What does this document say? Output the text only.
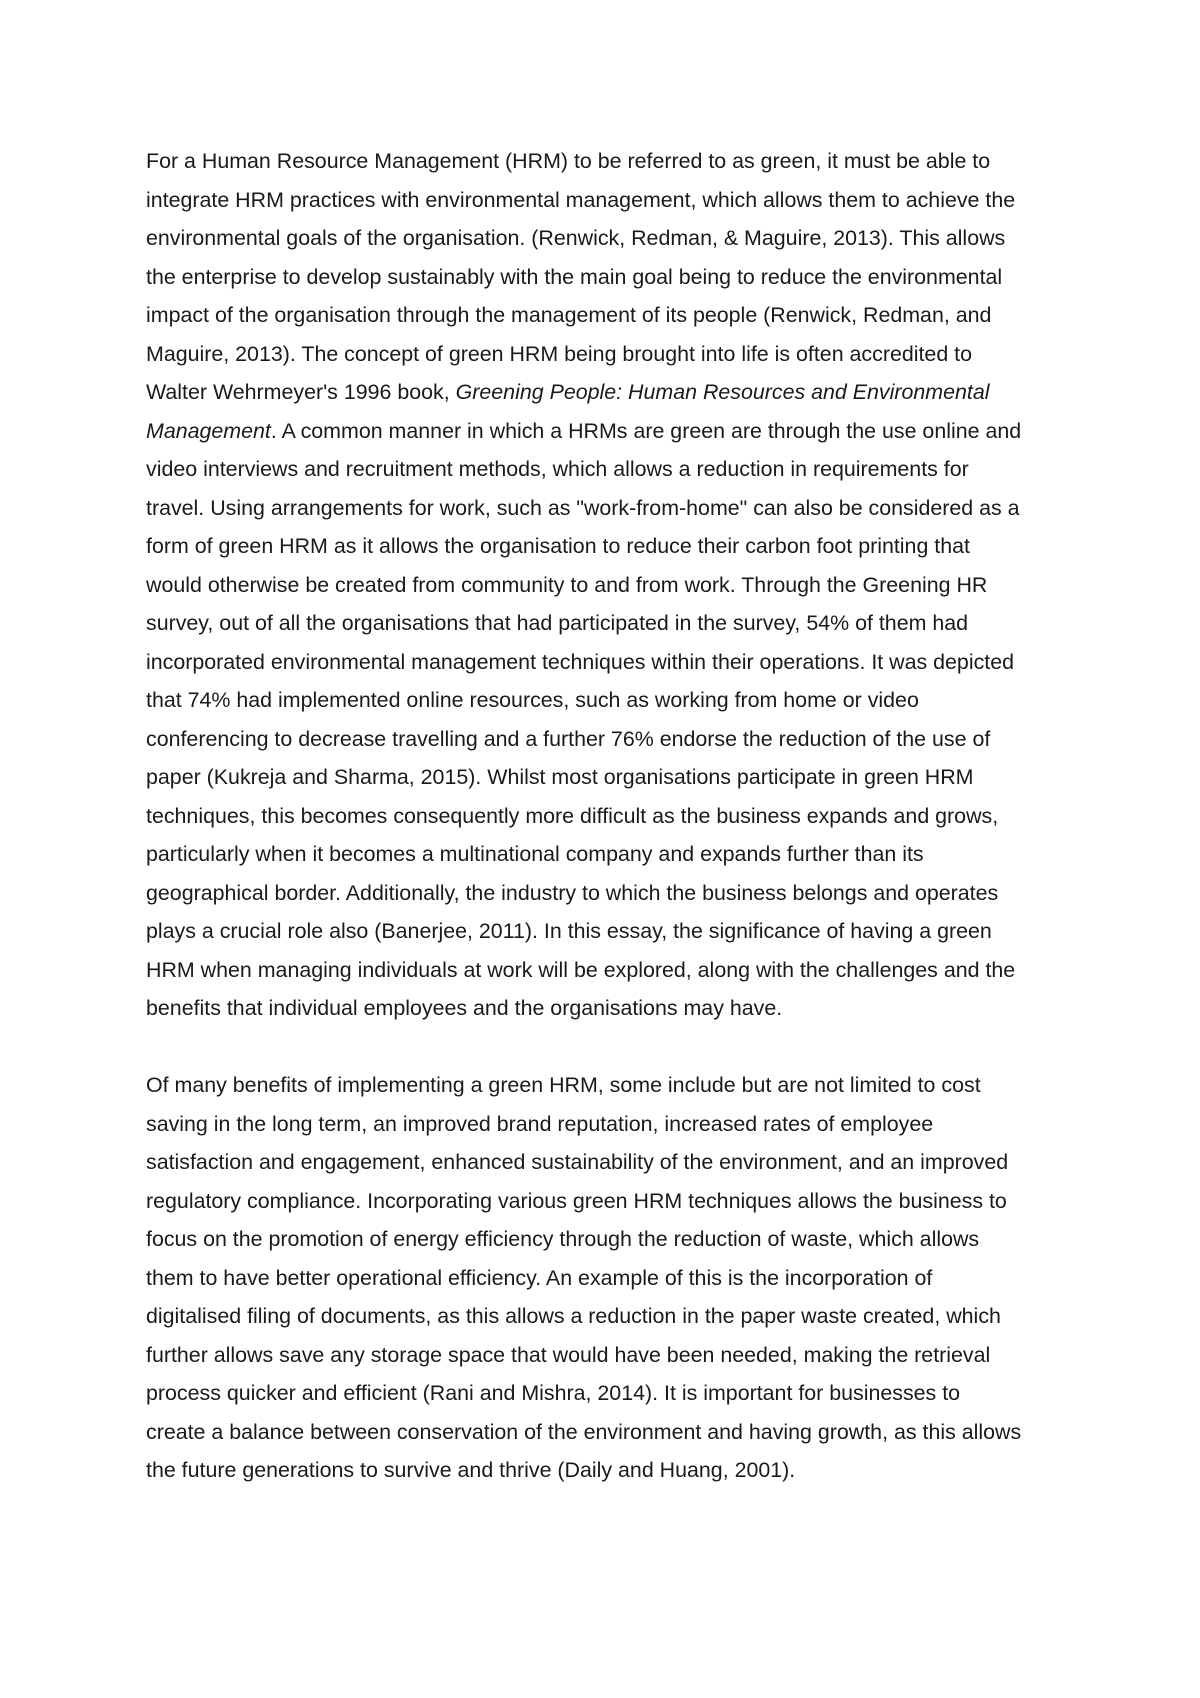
For a Human Resource Management (HRM) to be referred to as green, it must be able to
integrate HRM practices with environmental management, which allows them to achieve the
environmental goals of the organisation. (Renwick, Redman, & Maguire, 2013). This allows
the enterprise to develop sustainably with the main goal being to reduce the environmental
impact of the organisation through the management of its people (Renwick, Redman, and
Maguire, 2013). The concept of green HRM being brought into life is often accredited to
Walter Wehrmeyer's 1996 book, Greening People: Human Resources and Environmental
Management. A common manner in which a HRMs are green are through the use online and
video interviews and recruitment methods, which allows a reduction in requirements for
travel. Using arrangements for work, such as "work-from-home" can also be considered as a
form of green HRM as it allows the organisation to reduce their carbon foot printing that
would otherwise be created from community to and from work. Through the Greening HR
survey, out of all the organisations that had participated in the survey, 54% of them had
incorporated environmental management techniques within their operations. It was depicted
that 74% had implemented online resources, such as working from home or video
conferencing to decrease travelling and a further 76% endorse the reduction of the use of
paper (Kukreja and Sharma, 2015). Whilst most organisations participate in green HRM
techniques, this becomes consequently more difficult as the business expands and grows,
particularly when it becomes a multinational company and expands further than its
geographical border. Additionally, the industry to which the business belongs and operates
plays a crucial role also (Banerjee, 2011). In this essay, the significance of having a green
HRM when managing individuals at work will be explored, along with the challenges and the
benefits that individual employees and the organisations may have.

Of many benefits of implementing a green HRM, some include but are not limited to cost
saving in the long term, an improved brand reputation, increased rates of employee
satisfaction and engagement, enhanced sustainability of the environment, and an improved
regulatory compliance. Incorporating various green HRM techniques allows the business to
focus on the promotion of energy efficiency through the reduction of waste, which allows
them to have better operational efficiency. An example of this is the incorporation of
digitalised filing of documents, as this allows a reduction in the paper waste created, which
further allows save any storage space that would have been needed, making the retrieval
process quicker and efficient (Rani and Mishra, 2014). It is important for businesses to
create a balance between conservation of the environment and having growth, as this allows
the future generations to survive and thrive (Daily and Huang, 2001).
